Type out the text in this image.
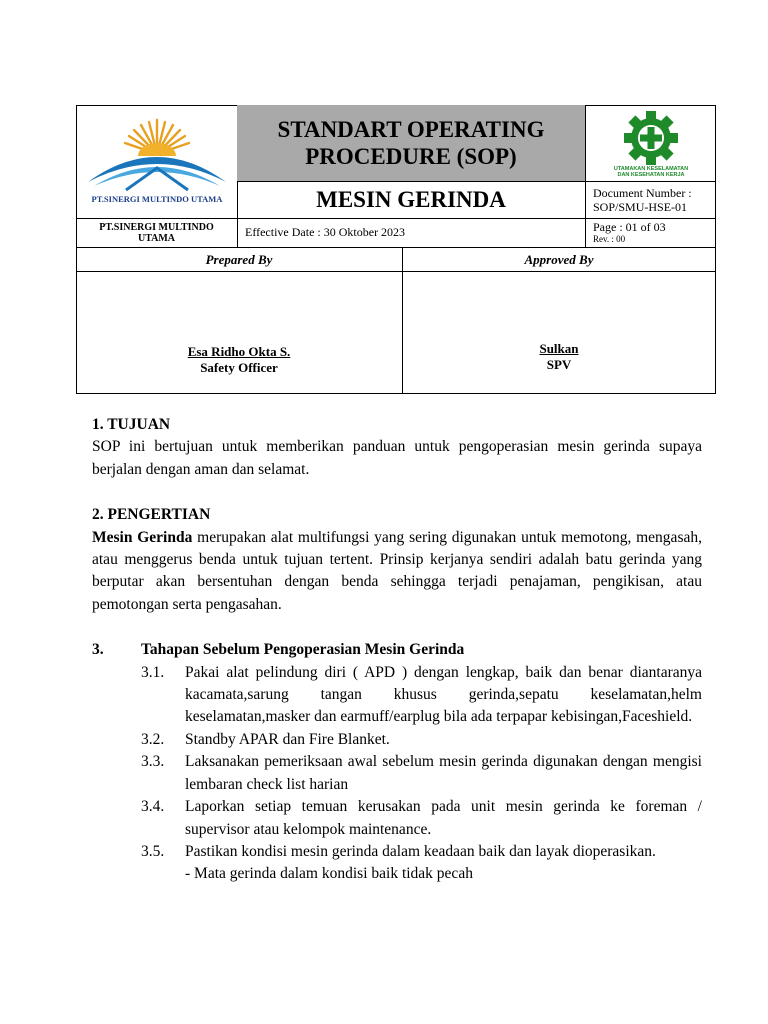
PT.SINERGI MULTINDO UTAMA
STANDART OPERATING
PROCEDURE (SOP)	UTAMAKAN KESELAMATAN
DAN KESEHATAN KERJA
MESIN GERINDA	Document Number :
SOP/SMU-HSE-01
PT.SINERGI MULTINDO
UTAMA	Effective Date : 30 Oktober 2023	Page : 01 of 03
Rev. : 00
Prepared By	Approved By
Esa Ridho Okta S.
Safety Officer
Sulkan
SPV
1. TUJUAN
SOP ini bertujuan untuk memberikan panduan untuk pengoperasian mesin gerinda supaya berjalan dengan aman dan selamat.
2. PENGERTIAN
Mesin Gerinda merupakan alat multifungsi yang sering digunakan untuk memotong, mengasah, atau menggerus benda untuk tujuan tertent. Prinsip kerjanya sendiri adalah batu gerinda yang berputar akan bersentuhan dengan benda sehingga terjadi penajaman, pengikisan, atau pemotongan serta pengasahan.
3.	Tahapan Sebelum Pengoperasian Mesin Gerinda
3.1.	Pakai alat pelindung diri ( APD ) dengan lengkap, baik dan benar diantaranya kacamata,sarung tangan khusus gerinda,sepatu keselamatan,helm keselamatan,masker dan earmuff/earplug bila ada terpapar kebisingan,Faceshield.
3.2.	Standby APAR dan Fire Blanket.
3.3.	Laksanakan pemeriksaan awal sebelum mesin gerinda digunakan dengan mengisi lembaran check list harian
3.4.	Laporkan setiap temuan kerusakan pada unit mesin gerinda ke foreman / supervisor atau kelompok maintenance.
3.5.	Pastikan kondisi mesin gerinda dalam keadaan baik dan layak dioperasikan.
- Mata gerinda dalam kondisi baik tidak pecah
